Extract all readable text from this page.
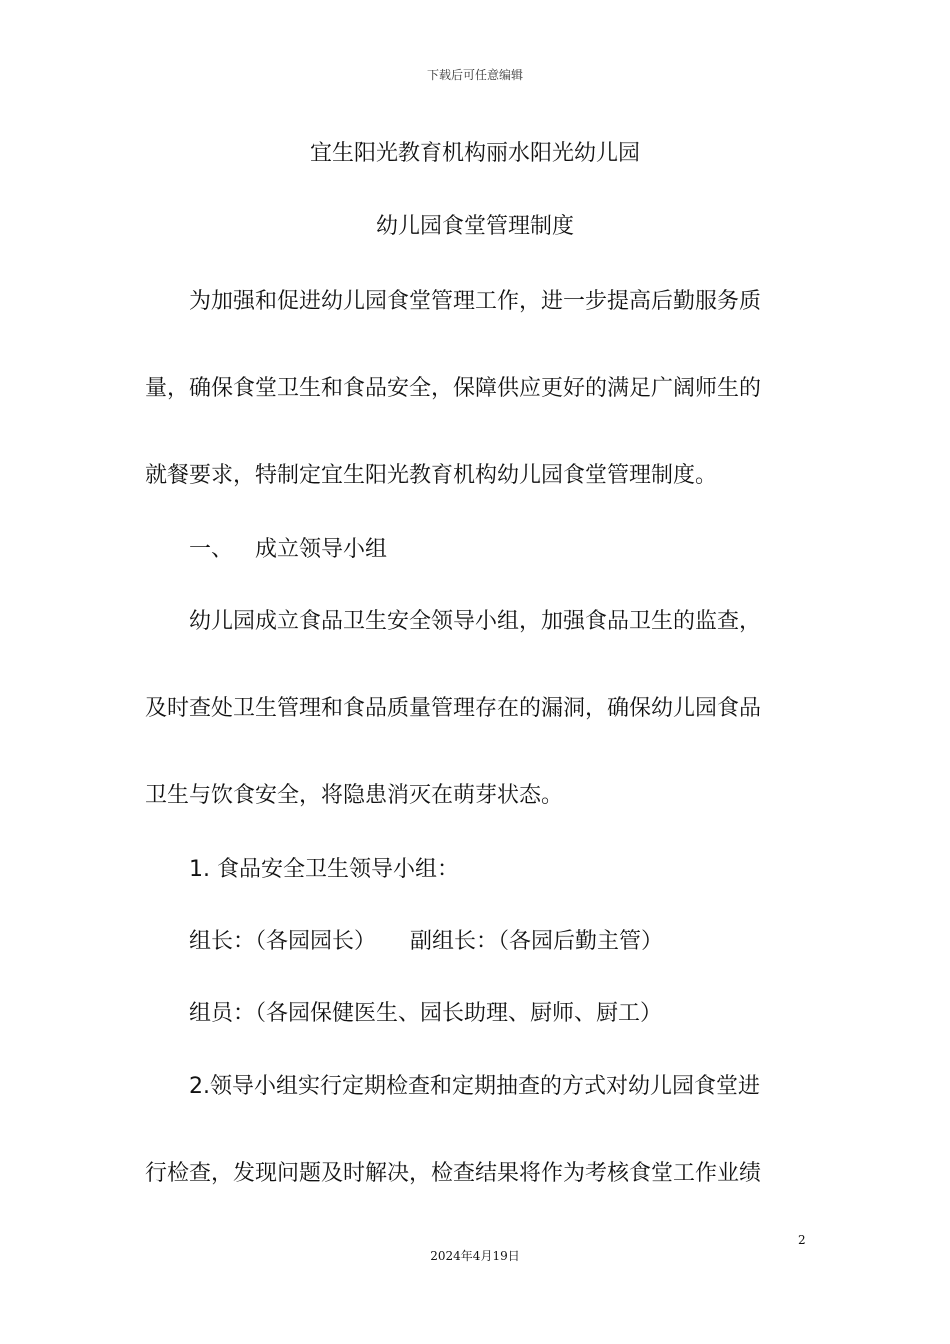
下载后可任意编辑
宜生阳光教育机构丽水阳光幼儿园
幼儿园食堂管理制度
为加强和促进幼儿园食堂管理工作，进一步提高后勤服务质
量，确保食堂卫生和食品安全，保障供应更好的满足广阔师生的
就餐要求，特制定宜生阳光教育机构幼儿园食堂管理制度。
一、 成立领导小组
幼儿园成立食品卫生安全领导小组，加强食品卫生的监查，
及时查处卫生管理和食品质量管理存在的漏洞，确保幼儿园食品
卫生与饮食安全，将隐患消灭在萌芽状态。
1. 食品安全卫生领导小组：
组长：（各园园长） 副组长：（各园后勤主管）
组员：（各园保健医生、园长助理、厨师、厨工）
2.领导小组实行定期检查和定期抽查的方式对幼儿园食堂进
行检查，发现问题及时解决，检查结果将作为考核食堂工作业绩
2
2024年4月19日
